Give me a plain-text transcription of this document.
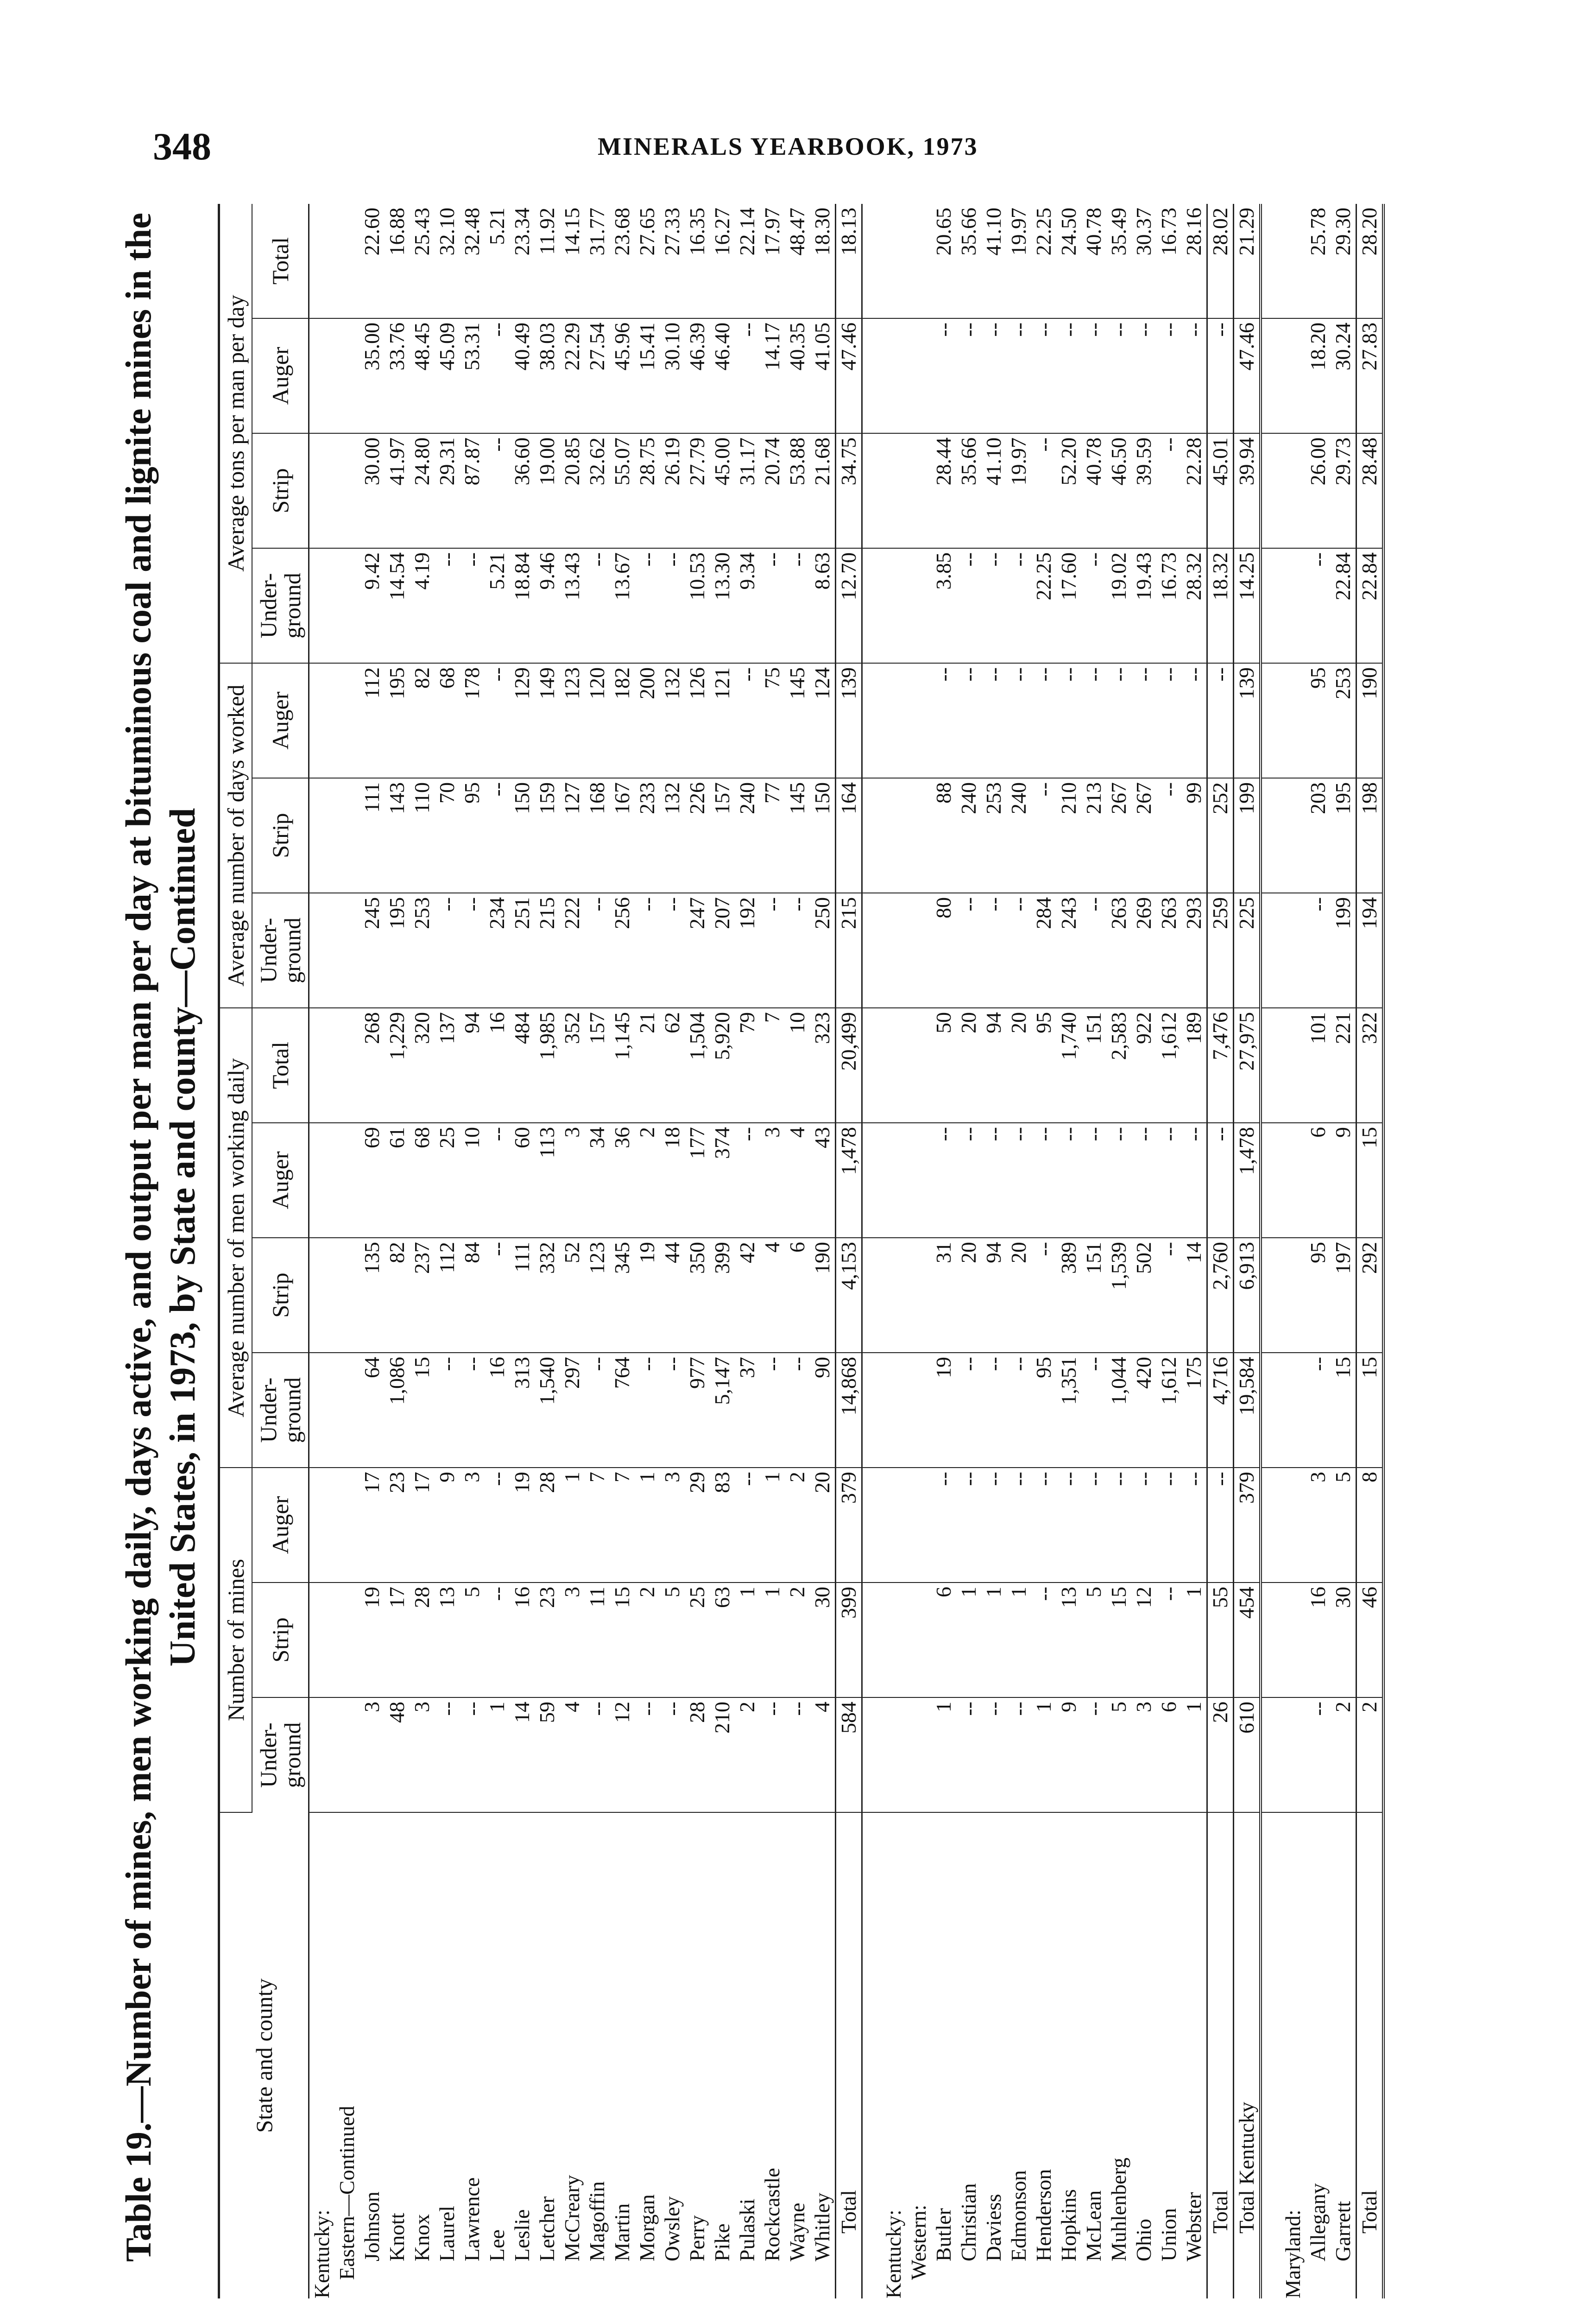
348	MINERALS YEARBOOK, 1973
Table 19.—Number of mines, men working daily, days active, and output per man per day at bituminous coal and lignite mines in the United States, in 1973, by State and county—Continued
State and county	Number of mines			Average number of men working daily				Average number of days worked			Average tons per man per day			
	Under-ground	Strip	Auger	Under-ground	Strip	Auger	Total	Under-ground	Strip	Auger	Under-ground	Strip	Auger	Total
Kentucky:														
Eastern—Continued														
Johnson	3	19	17	64	135	69	268	245	111	112	9.42	30.00	35.00	22.60
Knott	48	17	23	1,086	82	61	1,229	195	143	195	14.54	41.97	33.76	16.88
Knox	3	28	17	15	237	68	320	253	110	82	4.19	24.80	48.45	25.43
Laurel	--	13	9	--	112	25	137	--	70	68	--	29.31	45.09	32.10
Lawrence	--	5	3	--	84	10	94	--	95	178	--	87.87	53.31	32.48
Lee	1	--	--	16	--	--	16	234	--	--	5.21	--	--	5.21
Leslie	14	16	19	313	111	60	484	251	150	129	18.84	36.60	40.49	23.34
Letcher	59	23	28	1,540	332	113	1,985	215	159	149	9.46	19.00	38.03	11.92
McCreary	4	3	1	297	52	3	352	222	127	123	13.43	20.85	22.29	14.15
Magoffin	--	11	7	--	123	34	157	--	168	120	--	32.62	27.54	31.77
Martin	12	15	7	764	345	36	1,145	256	167	182	13.67	55.07	45.96	23.68
Morgan	--	2	1	--	19	2	21	--	233	200	--	28.75	15.41	27.65
Owsley	--	5	3	--	44	18	62	--	132	132	--	26.19	30.10	27.33
Perry	28	25	29	977	350	177	1,504	247	226	126	10.53	27.79	46.39	16.35
Pike	210	63	83	5,147	399	374	5,920	207	157	121	13.30	45.00	46.40	16.27
Pulaski	2	1	--	37	42	--	79	192	240	--	9.34	31.17	--	22.14
Rockcastle	--	1	1	--	4	3	7	--	77	75	--	20.74	14.17	17.97
Wayne	--	2	2	--	6	4	10	--	145	145	--	53.88	40.35	48.47
Whitley	4	30	20	90	190	43	323	250	150	124	8.63	21.68	41.05	18.30
Total	584	399	379	14,868	4,153	1,478	20,499	215	164	139	12.70	34.75	47.46	18.13

Kentucky:														
Western:														
Butler	1	6	--	19	31	--	50	80	88	--	3.85	28.44	--	20.65
Christian	--	1	--	--	20	--	20	--	240	--	--	35.66	--	35.66
Daviess	--	1	--	--	94	--	94	--	253	--	--	41.10	--	41.10
Edmonson	--	1	--	--	20	--	20	--	240	--	--	19.97	--	19.97
Henderson	1	--	--	95	--	--	95	284	--	--	22.25	--	--	22.25
Hopkins	9	13	--	1,351	389	--	1,740	243	210	--	17.60	52.20	--	24.50
McLean	--	5	--	--	151	--	151	--	213	--	--	40.78	--	40.78
Muhlenberg	5	15	--	1,044	1,539	--	2,583	263	267	--	19.02	46.50	--	35.49
Ohio	3	12	--	420	502	--	922	269	267	--	19.43	39.59	--	30.37
Union	6	--	--	1,612	--	--	1,612	263	--	--	16.73	--	--	16.73
Webster	1	1	--	175	14	--	189	293	99	--	28.32	22.28	--	28.16
Total	26	55	--	4,716	2,760	--	7,476	259	252	--	18.32	45.01	--	28.02
Total Kentucky	610	454	379	19,584	6,913	1,478	27,975	225	199	139	14.25	39.94	47.46	21.29

Maryland:														
Allegany	--	16	3	--	95	6	101	--	203	95	--	26.00	18.20	25.78
Garrett	2	30	5	15	197	9	221	199	195	253	22.84	29.73	30.24	29.30
Total	2	46	8	15	292	15	322	194	198	190	22.84	28.48	27.83	28.20
